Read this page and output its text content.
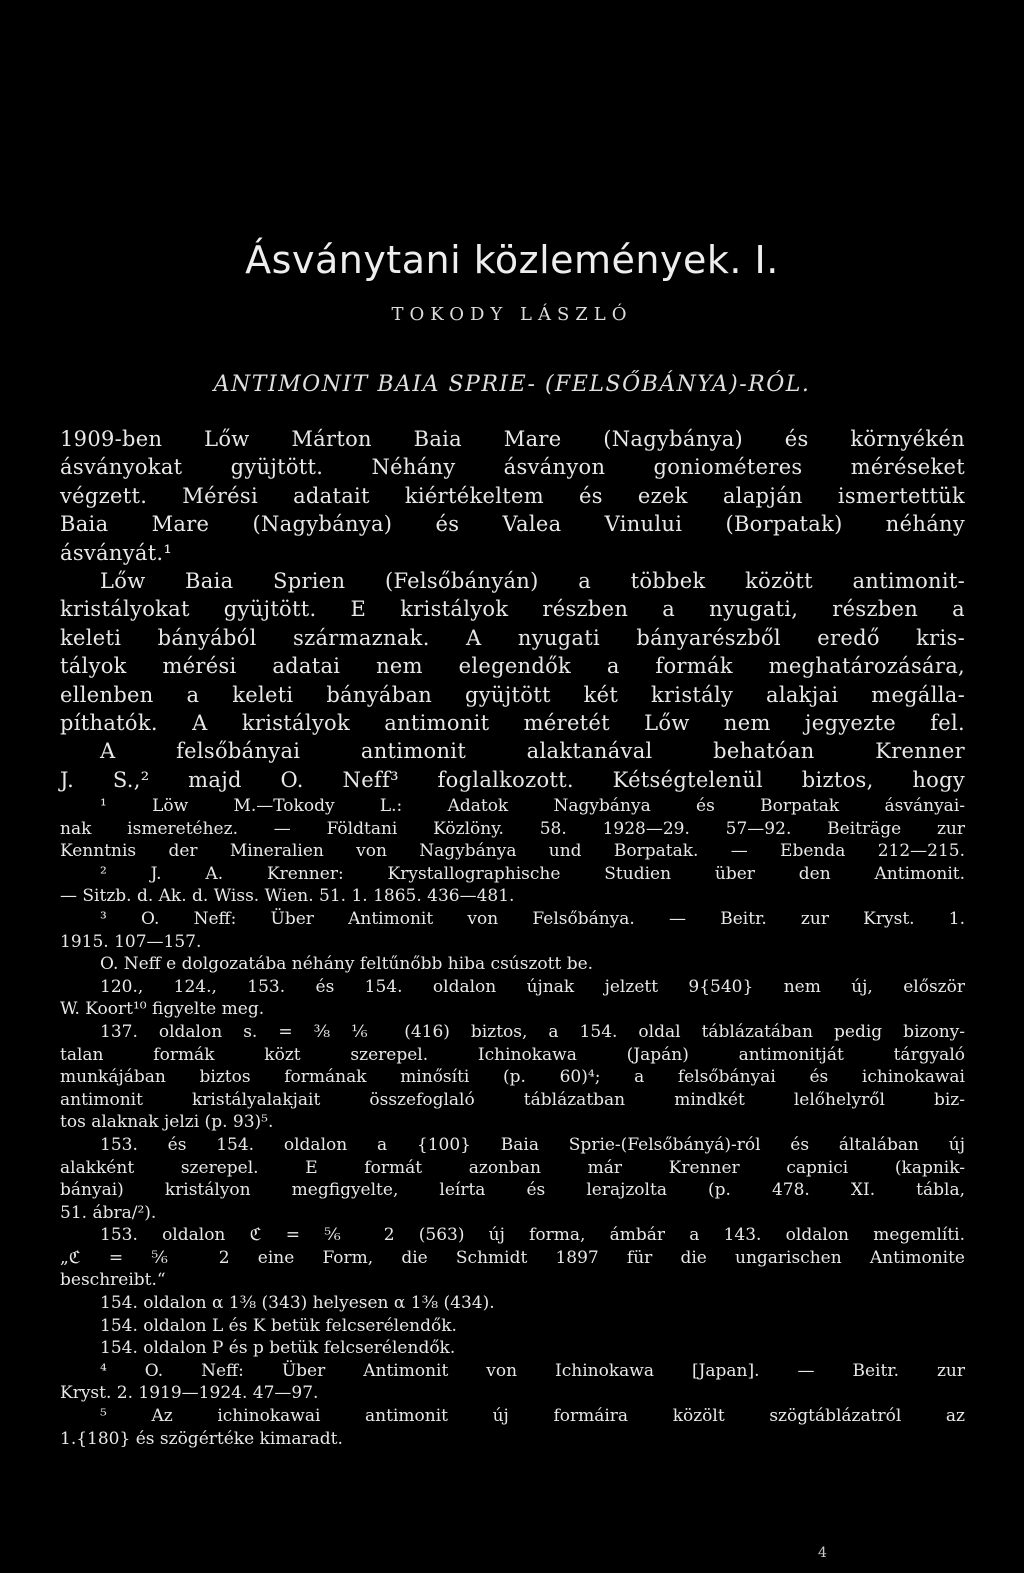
Ásványtani közlemények. I.
TOKODY LÁSZLÓ
ANTIMONIT BAIA SPRIE- (FELSŐBÁNYA)-RÓL.
1909-ben Lőw Márton Baia Mare (Nagybánya) és környékén
ásványokat gyüjtött. Néhány ásványon goniométeres méréseket
végzett. Mérési adatait kiértékeltem és ezek alapján ismertettük
Baia Mare (Nagybánya) és Valea Vinului (Borpatak) néhány
ásványát.¹
Lőw Baia Sprien (Felsőbányán) a többek között antimonit-
kristályokat gyüjtött. E kristályok részben a nyugati, részben a
keleti bányából származnak. A nyugati bányarészből eredő kris-
tályok mérési adatai nem elegendők a formák meghatározására,
ellenben a keleti bányában gyüjtött két kristály alakjai megálla-
píthatók. A kristályok antimonit méretét Lőw nem jegyezte fel.
A felsőbányai antimonit alaktanával behatóan Krenner
J. S.,² majd O. Neff³ foglalkozott. Kétségtelenül biztos, hogy
¹ Löw M.—Tokody L.: Adatok Nagybánya és Borpatak ásványai-
nak ismeretéhez. — Földtani Közlöny. 58. 1928—29. 57—92. Beiträge zur
Kenntnis der Mineralien von Nagybánya und Borpatak. — Ebenda 212—215.
² J. A. Krenner: Krystallographische Studien über den Antimonit.
— Sitzb. d. Ak. d. Wiss. Wien. 51. 1. 1865. 436—481.
³ O. Neff: Über Antimonit von Felsőbánya. — Beitr. zur Kryst. 1.
1915. 107—157.
O. Neff e dolgozatába néhány feltűnőbb hiba csúszott be.
120., 124., 153. és 154. oldalon újnak jelzett 9{540} nem új, először
W. Koort¹⁰ figyelte meg.
137. oldalon s. = ⅜ ⅙ (416) biztos, a 154. oldal táblázatában pedig bizony-
talan formák közt szerepel. Ichinokawa (Japán) antimonitját tárgyaló
munkájában biztos formának minősíti (p. 60)⁴; a felsőbányai és ichinokawai
antimonit kristályalakjait összefoglaló táblázatban mindkét lelőhelyről biz-
tos alaknak jelzi (p. 93)⁵.
153. és 154. oldalon a {100} Baia Sprie-(Felsőbányá)-ról és általában új
alakként szerepel. E formát azonban már Krenner capnici (kapnik-
bányai) kristályon megfigyelte, leírta és lerajzolta (p. 478. XI. tábla,
51. ábra/²).
153. oldalon ℭ = ⅚ 2 (563) új forma, ámbár a 143. oldalon megemlíti.
„ℭ = ⅚ 2 eine Form, die Schmidt 1897 für die ungarischen Antimonite
beschreibt.“
154. oldalon α 1⅜ (343) helyesen α 1⅜ (434).
154. oldalon L és K betük felcserélendők.
154. oldalon P és p betük felcserélendők.
⁴ O. Neff: Über Antimonit von Ichinokawa [Japan]. — Beitr. zur
Kryst. 2. 1919—1924. 47—97.
⁵ Az ichinokawai antimonit új formáira közölt szögtáblázatról az
1.{180} és szögértéke kimaradt.
4
